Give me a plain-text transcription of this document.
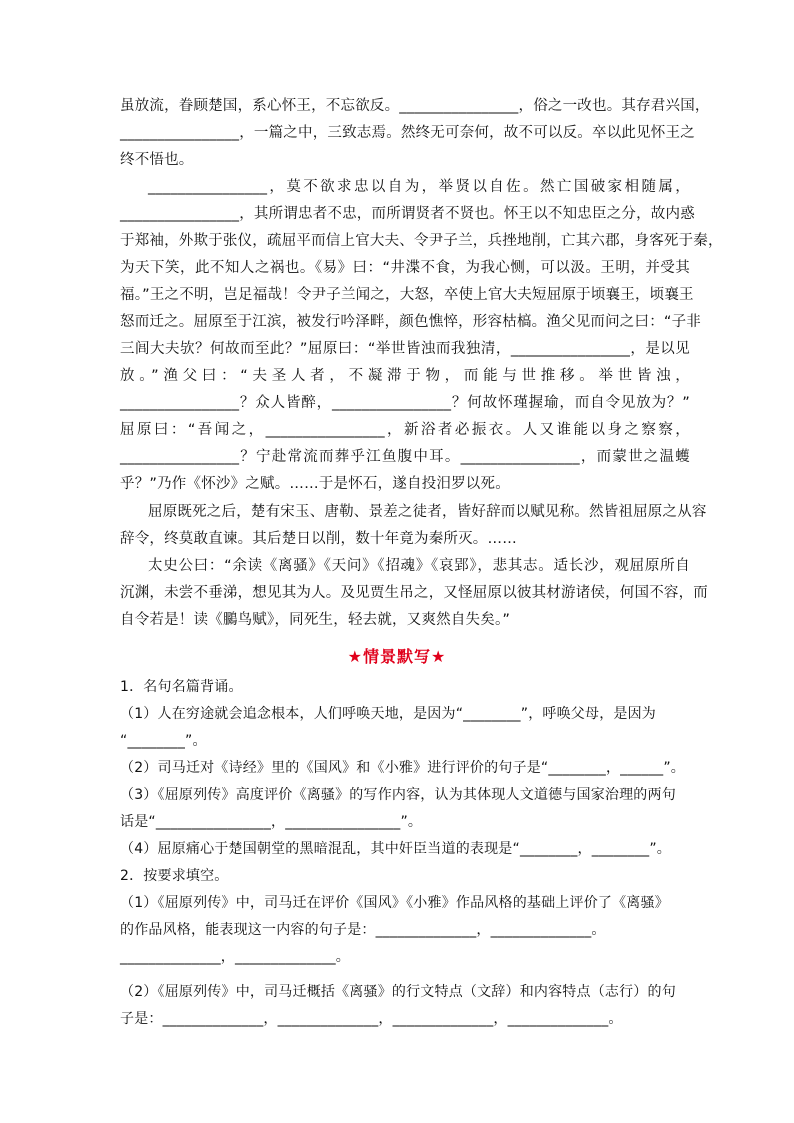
虽放流，眷顾楚国，系心怀王，不忘欲反。________________，俗之一改也。其存君兴国，
________________，一篇之中，三致志焉。然终无可奈何，故不可以反。卒以此见怀王之
终不悟也。
________________，莫不欲求忠以自为，举贤以自佐。然亡国破家相随属，
________________，其所谓忠者不忠，而所谓贤者不贤也。怀王以不知忠臣之分，故内惑
于郑袖，外欺于张仪，疏屈平而信上官大夫、令尹子兰，兵挫地削，亡其六郡，身客死于秦，
为天下笑，此不知人之祸也。《易》曰：“井渫不食，为我心恻，可以汲。王明，并受其
福。”王之不明，岂足福哉！令尹子兰闻之，大怒，卒使上官大夫短屈原于顷襄王，顷襄王
怒而迁之。屈原至于江滨，被发行吟泽畔，颜色憔悴，形容枯槁。渔父见而问之曰：“子非
三闾大夫欤？何故而至此？”屈原曰：“举世皆浊而我独清，________________，是以见
放。”渔父曰：“夫圣人者，不凝滞于物，而能与世推移。举世皆浊，
________________？众人皆醉，________________？何故怀瑾握瑜，而自令见放为？”
屈原曰：“吾闻之，________________，新浴者必振衣。人又谁能以身之察察，
________________？宁赴常流而葬乎江鱼腹中耳。________________，而蒙世之温蠖
乎？”乃作《怀沙》之赋。……于是怀石，遂自投汨罗以死。
屈原既死之后，楚有宋玉、唐勒、景差之徒者，皆好辞而以赋见称。然皆祖屈原之从容
辞令，终莫敢直谏。其后楚日以削，数十年竟为秦所灭。……
太史公曰：“余读《离骚》《天问》《招魂》《哀郢》，悲其志。适长沙，观屈原所自
沉渊，未尝不垂涕，想见其为人。及见贾生吊之，又怪屈原以彼其材游诸侯，何国不容，而
自令若是！读《鵩鸟赋》，同死生，轻去就，又爽然自失矣。”
★情景默写★
1．名句名篇背诵。
（1）人在穷途就会追念根本，人们呼唤天地，是因为“________”，呼唤父母，是因为
“________”。
（2）司马迁对《诗经》里的《国风》和《小雅》进行评价的句子是“________，______”。
（3）《屈原列传》高度评价《离骚》的写作内容，认为其体现人文道德与国家治理的两句
话是“________________，________________”。
（4）屈原痛心于楚国朝堂的黑暗混乱，其中奸臣当道的表现是“________，________”。
2．按要求填空。
（1）《屈原列传》中，司马迁在评价《国风》《小雅》作品风格的基础上评价了《离骚》
的作品风格，能表现这一内容的句子是：______________，______________。
______________，______________。
（2）《屈原列传》中，司马迁概括《离骚》的行文特点（文辞）和内容特点（志行）的句
子是：______________，______________，______________，______________。
